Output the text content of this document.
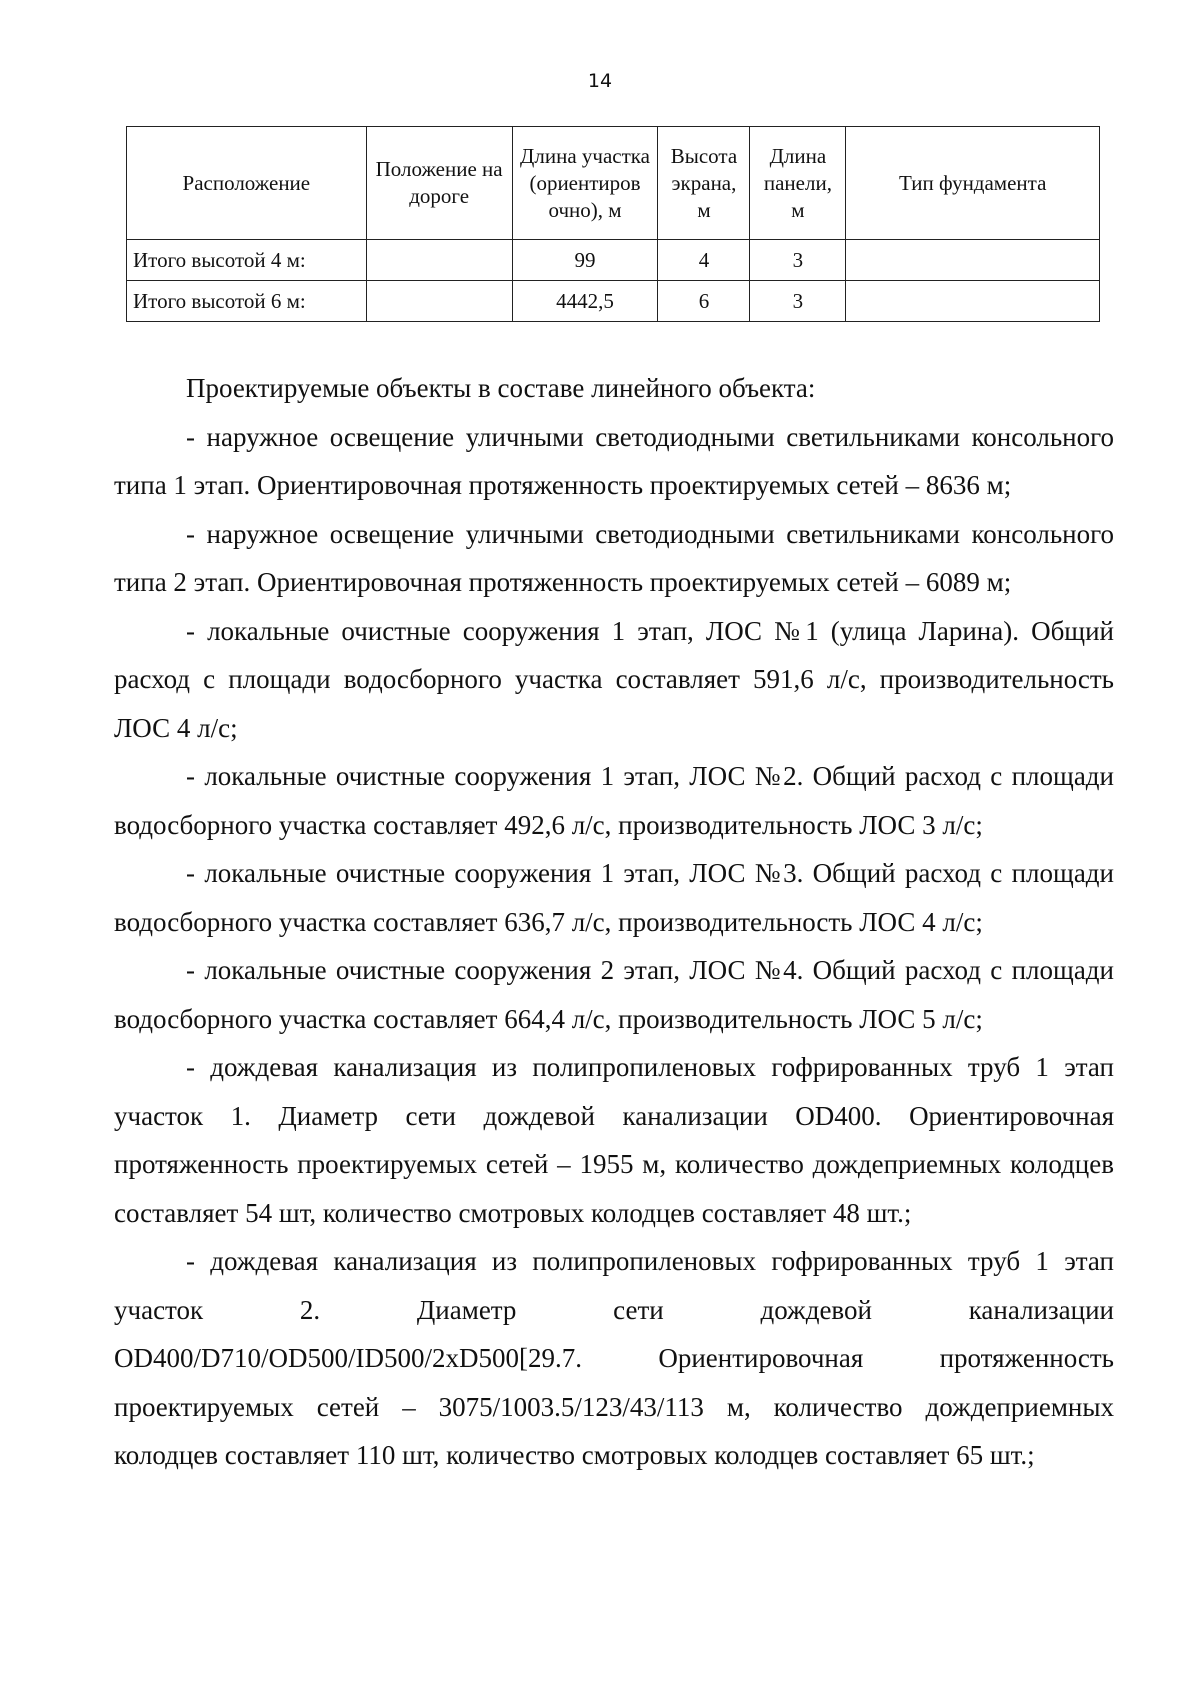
14
Расположение	Положение на дороге	Длина участка (ориентиров очно), м	Высота экрана, м	Длина панели, м	Тип фундамента
Итого высотой 4 м:		99	4	3	
Итого высотой 6 м:		4442,5	6	3	

Проектируемые объекты в составе линейного объекта:

- наружное освещение уличными светодиодными светильниками консольного типа 1 этап. Ориентировочная протяженность проектируемых сетей – 8636 м;

- наружное освещение уличными светодиодными светильниками консольного типа 2 этап. Ориентировочная протяженность проектируемых сетей – 6089 м;

- локальные очистные сооружения 1 этап, ЛОС №1 (улица Ларина). Общий расход с площади водосборного участка составляет 591,6 л/с, производительность ЛОС 4 л/с;

- локальные очистные сооружения 1 этап, ЛОС №2. Общий расход с площади водосборного участка составляет 492,6 л/с, производительность ЛОС 3 л/с;

- локальные очистные сооружения 1 этап, ЛОС №3. Общий расход с площади водосборного участка составляет 636,7 л/с, производительность ЛОС 4 л/с;

- локальные очистные сооружения 2 этап, ЛОС №4. Общий расход с площади водосборного участка составляет 664,4 л/с, производительность ЛОС 5 л/с;

- дождевая канализация из полипропиленовых гофрированных труб 1 этап участок 1. Диаметр сети дождевой канализации OD400. Ориентировочная протяженность проектируемых сетей – 1955 м, количество дождеприемных колодцев составляет 54 шт, количество смотровых колодцев составляет 48 шт.;

- дождевая канализация из полипропиленовых гофрированных труб 1 этап участок 2. Диаметр сети дождевой канализации OD400/D710/OD500/ID500/2xD500[29.7. Ориентировочная протяженность проектируемых сетей – 3075/1003.5/123/43/113 м, количество дождеприемных колодцев составляет 110 шт, количество смотровых колодцев составляет 65 шт.;
